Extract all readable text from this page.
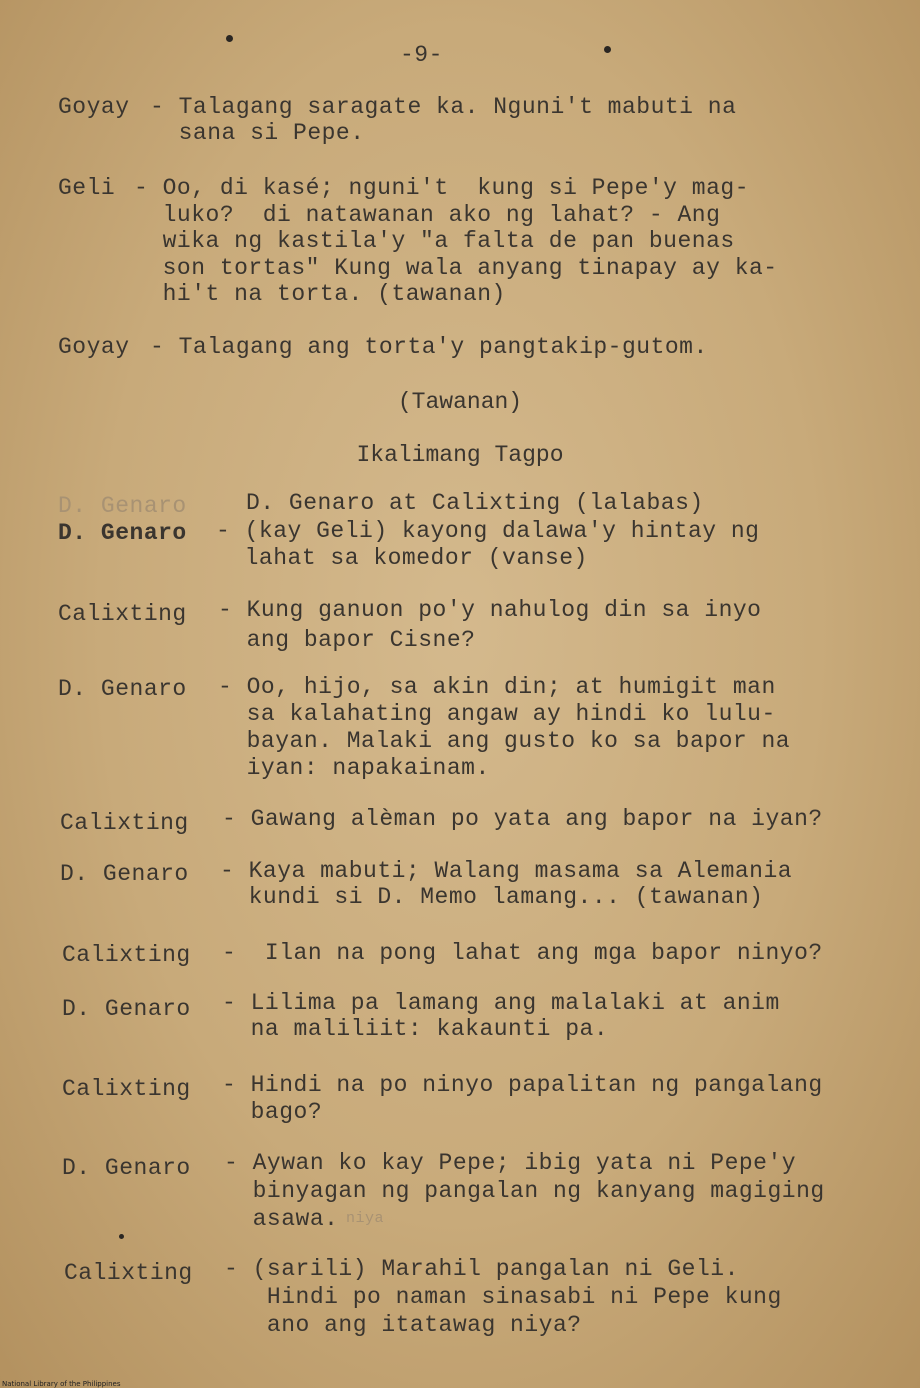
-9-
Goyay - Talagang saragate ka. Nguni't mabuti na
sana si Pepe.
Geli - Oo, di kasé; nguni't  kung si Pepe'y mag-
luko?  di natawanan ako ng lahat? - Ang
wika ng kastila'y "a falta de pan buenas
son tortas" Kung wala anyang tinapay ay ka-
hi't na torta. (tawanan)
Goyay - Talagang ang torta'y pangtakip-gutom.
(Tawanan)
Ikalimang Tagpo
D. Genaro	D. Genaro at Calixting (lalabas)
D. Genaro - (kay Geli) kayong dalawa'y hintay ng
lahat sa komedor (vanse)
Calixting - Kung ganuon po'y nahulog din sa inyo
ang bapor Cisne?
D. Genaro - Oo, hijo, sa akin din; at humigit man
sa kalahating angaw ay hindi ko lulu-
bayan. Malaki ang gusto ko sa bapor na
iyan: napakainam.
Calixting - Gawang alèman po yata ang bapor na iyan?
D. Genaro - Kaya mabuti; Walang masama sa Alemania
kundi si D. Memo lamang... (tawanan)
Calixting -  Ilan na pong lahat ang mga bapor ninyo?
D. Genaro - Lilima pa lamang ang malalaki at anim
na maliliit: kakaunti pa.
Calixting - Hindi na po ninyo papalitan ng pangalang
bago?
D. Genaro - Aywan ko kay Pepe; ibig yata ni Pepe'y
binyagan ng pangalan ng kanyang magiging
asawa. niya
Calixting - (sarili) Marahil pangalan ni Geli.
Hindi po naman sinasabi ni Pepe kung
ano ang itatawag niya?
National Library of the Philippines
